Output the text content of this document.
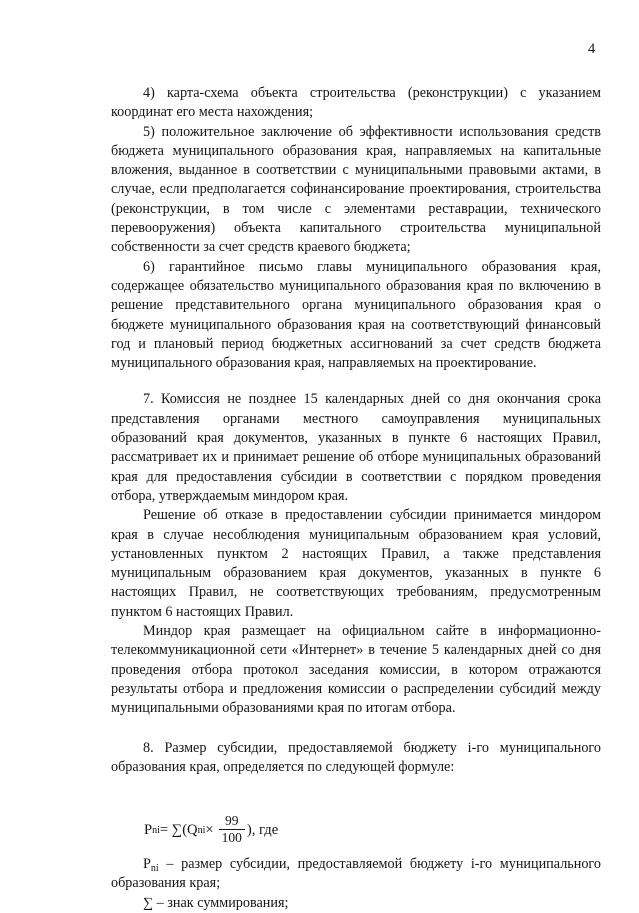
4

4) карта-схема объекта строительства (реконструкции) с указанием координат его места нахождения;

5) положительное заключение об эффективности использования средств бюджета муниципального образования края, направляемых на капитальные вложения, выданное в соответствии с муниципальными правовыми актами, в случае, если предполагается софинансирование проектирования, строительства (реконструкции, в том числе с элементами реставрации, технического перевооружения) объекта капитального строительства муниципальной собственности за счет средств краевого бюджета;

6) гарантийное письмо главы муниципального образования края, содержащее обязательство муниципального образования края по включению в решение представительного органа муниципального образования края о бюджете муниципального образования края на соответствующий финансовый год и плановый период бюджетных ассигнований за счет средств бюджета муниципального образования края, направляемых на проектирование.

7. Комиссия не позднее 15 календарных дней со дня окончания срока представления органами местного самоуправления муниципальных образований края документов, указанных в пункте 6 настоящих Правил, рассматривает их и принимает решение об отборе муниципальных образований края для предоставления субсидии в соответствии с порядком проведения отбора, утверждаемым миндором края.

Решение об отказе в предоставлении субсидии принимается миндором края в случае несоблюдения муниципальным образованием края условий, установленных пунктом 2 настоящих Правил, а также представления муниципальным образованием края документов, указанных в пункте 6 настоящих Правил, не соответствующих требованиям, предусмотренным пунктом 6 настоящих Правил.

Миндор края размещает на официальном сайте в информационно-телекоммуникационной сети «Интернет» в течение 5 календарных дней со дня проведения отбора протокол заседания комиссии, в котором отражаются результаты отбора и предложения комиссии о распределении субсидий между муниципальными образованиями края по итогам отбора.

8. Размер субсидии, предоставляемой бюджету i-го муниципального образования края, определяется по следующей формуле:

P ni = ∑(Q ni × $\frac{99}{100}$ ), где

$P_{ni}$ – размер субсидии, предоставляемой бюджету i-го муниципального образования края;

∑ – знак суммирования;
